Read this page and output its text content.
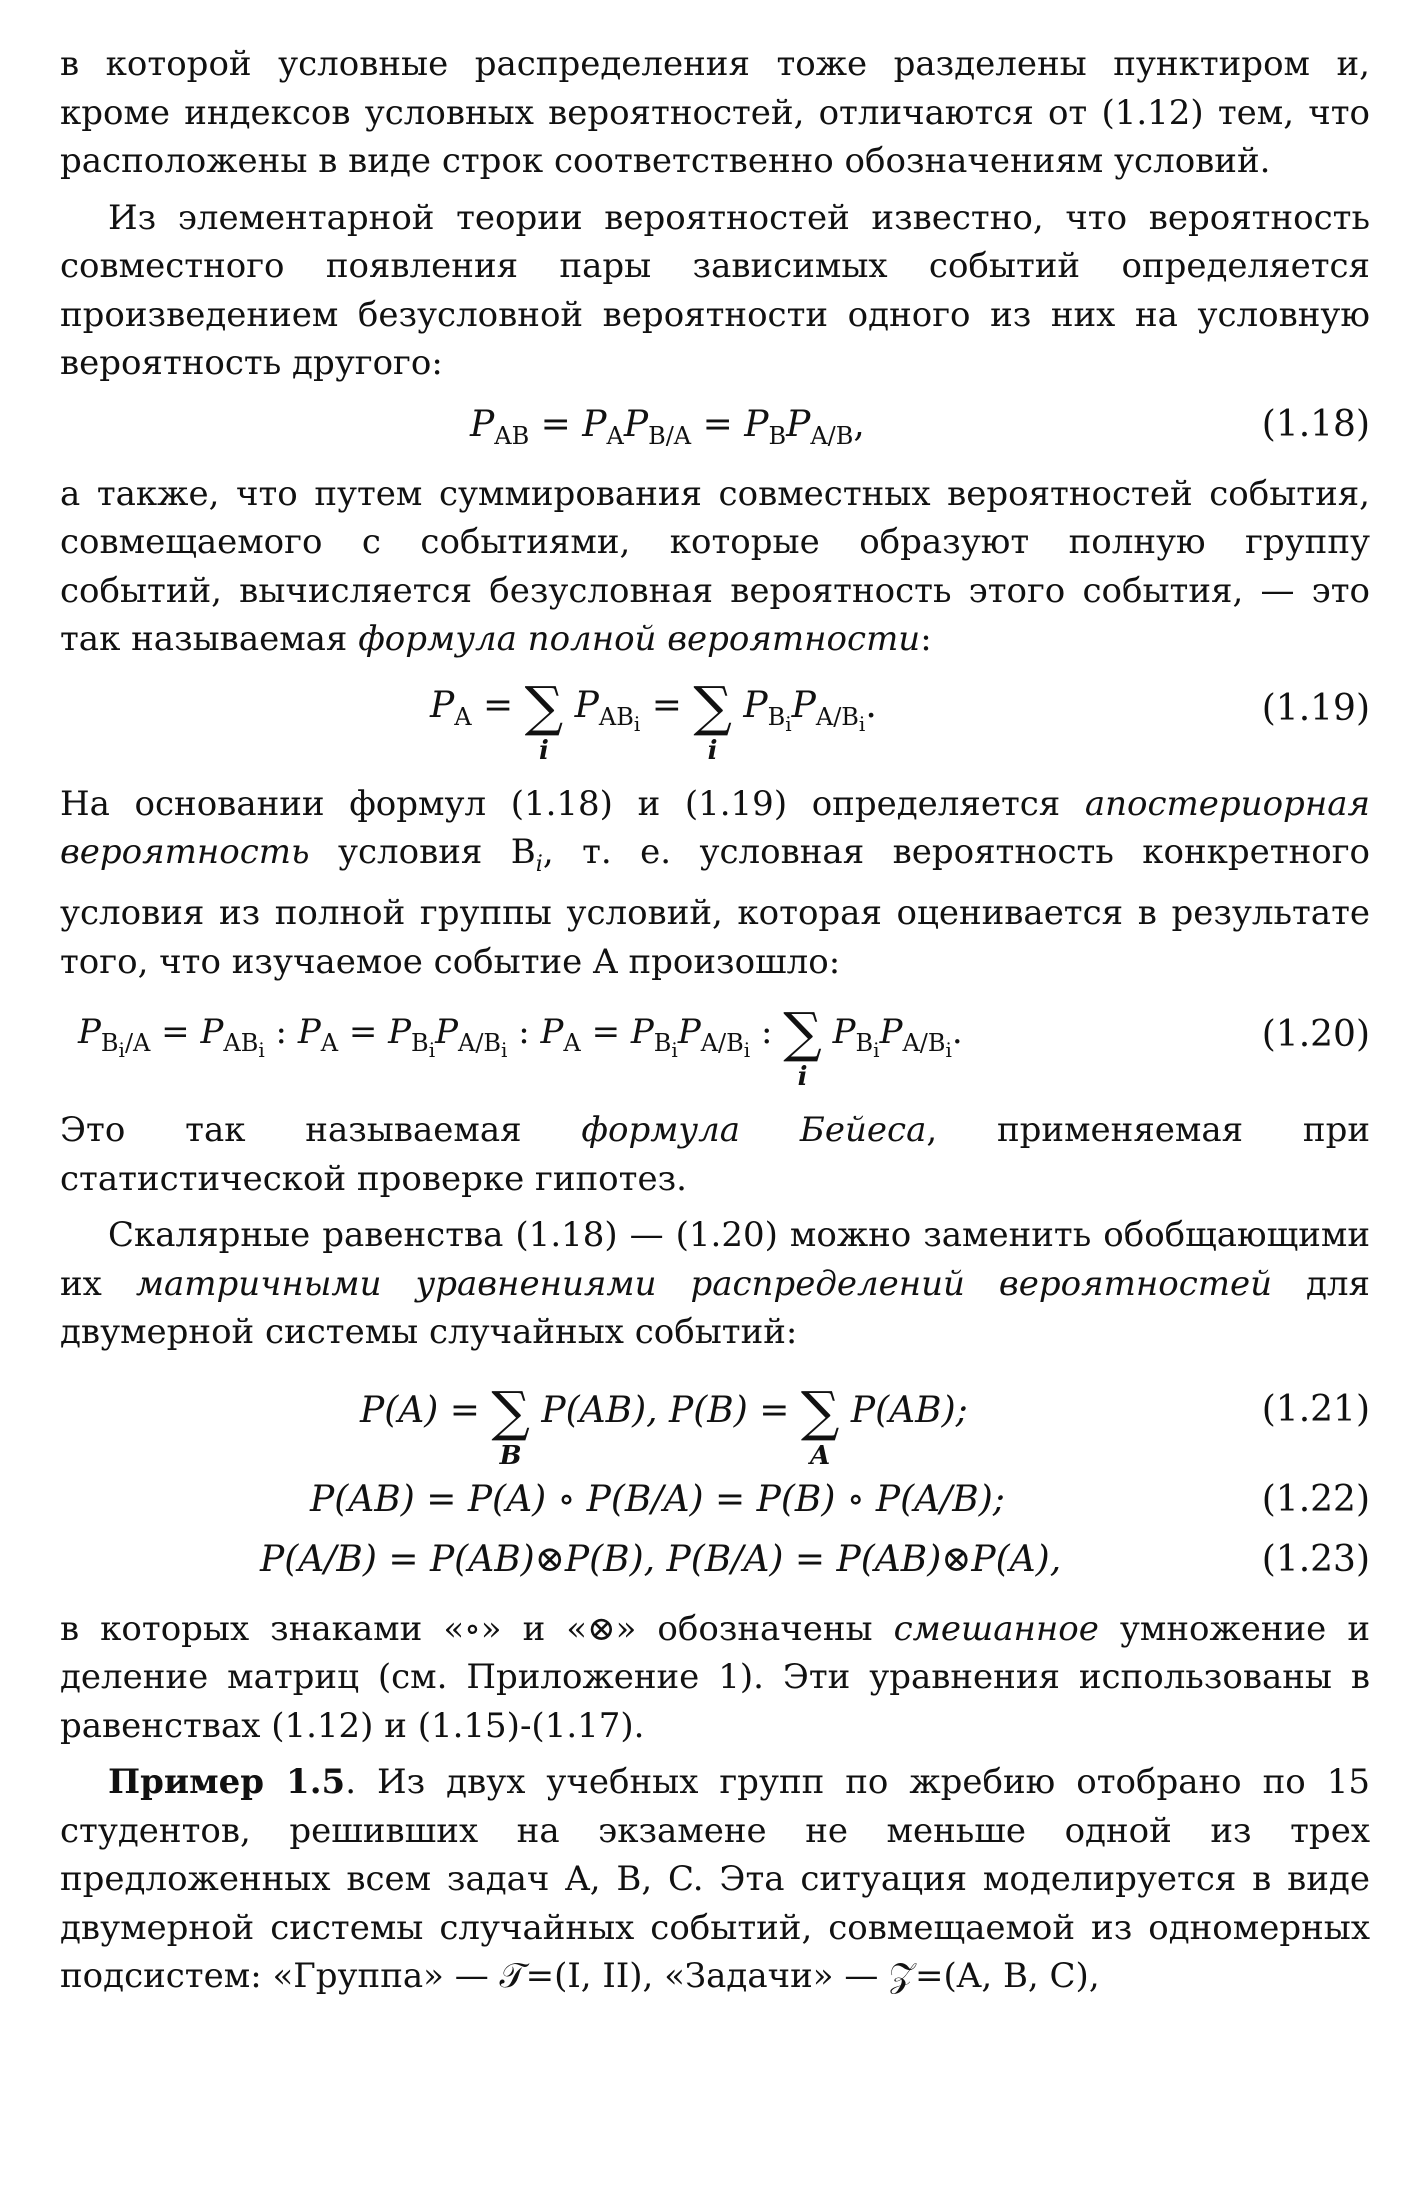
в которой условные распределения тоже разделены пунктиром и, кроме индексов условных вероятностей, отличаются от (1.12) тем, что расположены в виде строк соответственно обозначениям условий.

Из элементарной теории вероятностей известно, что вероятность совместного появления пары зависимых событий определяется произведением безусловной вероятности одного из них на условную вероятность другого:

$P_{AB} = P_AP_{B/A} = P_BP_{A/B}$,	(1.18)

а также, что путем суммирования совместных вероятностей события, совмещаемого с событиями, которые образуют полную группу событий, вычисляется безусловная вероятность этого события, — это так называемая формула полной вероятности:

$P_A$ = ∑
i
$P_{AB_i}$ = ∑
i
$P_{B_i}P_{A/B_i}$.	(1.19)

На основании формул (1.18) и (1.19) определяется апостериорная вероятность условия $B_i$, т. е. условная вероятность конкретного условия из полной группы условий, которая оценивается в результате того, что изучаемое событие A произошло:

$P_{B_i/A} = P_{AB_i}$ : $P_A = P_{B_i}P_{A/B_i}$ : $P_A = P_{B_i}P_{A/B_i}$ : ∑
i
$P_{B_i}P_{A/B_i}$.	(1.20)

Это так называемая формула Бейеса, применяемая при статистической проверке гипотез.

Скалярные равенства (1.18) — (1.20) можно заменить обобщающими их матричными уравнениями распределений вероятностей для двумерной системы случайных событий:

P(A) = ∑
B
P(AB), P(B) = ∑
A
P(AB);	(1.21)
P(AB) = P(A) ∘ P(B/A) = P(B) ∘ P(A/B);	(1.22)
P(A/B) = P(AB)⊗P(B), P(B/A) = P(AB)⊗P(A),	(1.23)

в которых знаками «∘» и «⊗» обозначены смешанное умножение и деление матриц (см. Приложение 1). Эти уравнения использованы в равенствах (1.12) и (1.15)-(1.17).

Пример 1.5. Из двух учебных групп по жребию отобрано по 15 студентов, решивших на экзамене не меньше одной из трех предложенных всем задач A, B, C. Эта ситуация моделируется в виде двумерной системы случайных событий, совмещаемой из одномерных подсистем: «Группа» — 𝒯=(I, II), «Задачи» — 𝒵=(A, B, C),
